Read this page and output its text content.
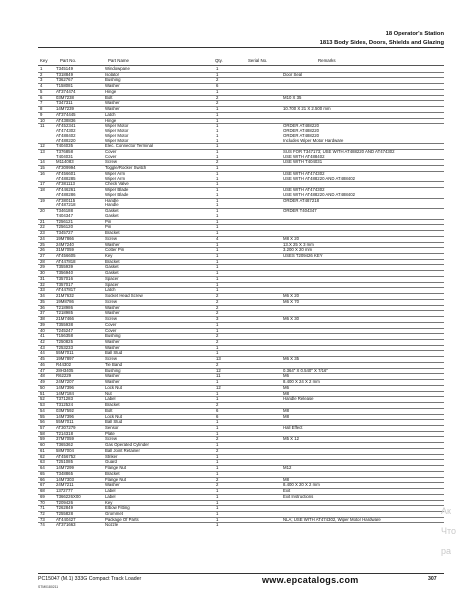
18 Operator's Station
1813 Body Sides, Doors, Shields and Glazing
Key	Part No.	Part Name	Qty.	Serial No.	Remarks
1	T345149	Windowpane	1
2	T318849	Isolator	1	Door Seal
3	T362767	Bushing	2
4	T158081	Washer	6
5	AT374474	Hinge	1
6	03M7238	Bolt	2	M10 X 35
7	T347311	Washer	2
8	14M7239	Washer	1	10.700 X 21 X 2.500 mm
9	AT374445	Latch	1
10	AT438836	Hinge	1
11	AT452341	Wiper Motor	1	ORDER AT488220
AT474302	Wiper Motor	1	ORDER AT488220
AT488402	Wiper Motor	1	ORDER AT488220
AT488220	Wiper Motor	1	Includes Wiper Motor Hardware
12	T404035	Elec. Connector Terminal	1
13	T376858	Cover	1	SUS FOR T347173; USE WITH AT488220 AND AT474302
T404031	Cover	1	USE WITH AT488402
14	M114083	Screw	2	USE WITH T404031
15	AT309994	Toggle/Rocker Switch	1
16	AT456601	Wiper Arm	1	USE WITH AT474302
AT488285	Wiper Arm	1	USE WITH AT488220 AND AT488402
17	AT381113	Check Valve	1
18	AT446261	Wiper Blade	1	USE WITH AT474302
AT488286	Wiper Blade	1	USE WITH AT488220 AND AT488402
19	AT380115	Handle	1	ORDER AT487218
AT487218	Handle	1
20	T346188	Gasket	1	ORDER T404347
T404347	Gasket	1
21	T256121	Pin	1
22	T256120	Pin	1
23	T345727	Bracket	1
24	19M7866	Screw	4	M8 X 20
25	24M7240	Washer	1	13.X 25 X 3 mm
26	31M7059	Cotter Pin	1	3.200 X 20 mm
27	AT456605	Key	1	USES T209426 KEY
28	AT447818	Bracket	1
29	T355939	Gasket	1
30	T356940	Gasket	1
31	T357016	Spacer	1
32	T357017	Spacer	1
33	AT447817	Latch	1
34	21M7632	Socket Head Screw	2	M6 X 20
35	19M8786	Screw	2	M6 X 70
36	T218986	Washer	2
37	T218985	Washer	2
38	21M7466	Screw	3	M6 X 30
39	T355938	Cover	1
40	T245247	Cover	1
41	T156358	Bushing	2
42	T250825	Washer	2
43	T253233	Washer	1
44	55M7011	Ball Stud	1
45	19M7897	Screw	13	M6 X 35
46	R44302	Tie Band	2
47	28H3405	Bushing	12	0.364" X 0.540" X 7/16"
48	R62229	Washer	11	M6
49	24M7207	Washer	1	8.400 X 24 X 2 mm
50	14M7396	Lock Nut	12	M6
51	14M7184	Nut	1	M8
52	T371283	Label	1	Handle Release
53	T312524	Bracket	2
54	03M7592	Bolt	6	M8
55	14M7396	Lock Nut	6	M8
56	55M7011	Ball Stud	1
57	AT307279	Sensor	1	Hall Effect
58	T214318	Plate	1
59	37M7059	Screw	2	M5 X 12
60	T365362	Gas Operated Cylinder	1
61	58M7004	Ball Joint Retainer	2
62	AT456752	Striker	1
63	T251085	Guard	1
64	14M7299	Flange Nut	1	M12
65	T348865	Bracket	1
66	14M7303	Flange Nut	2	M8
67	24M7211	Washer	2	8.400 X 20 X 2 mm
68	1372777	Label	1	Exit
69	T366226X00	Label	1	Exit Instructions
70	T209426	Key	1
71	T262849	Elbow Fitting	1
72	T255828	Grommet	1
73	AT440427	Package Of Parts	1	NLA; USE WITH AT474302, Wiper Motor Hardware
74	AT371663	Nozzle	1
Ак
Что
ра
PC15047 (M.1) 333G Compact Track Loader
STM0180211
www.epcatalogs.com	307
